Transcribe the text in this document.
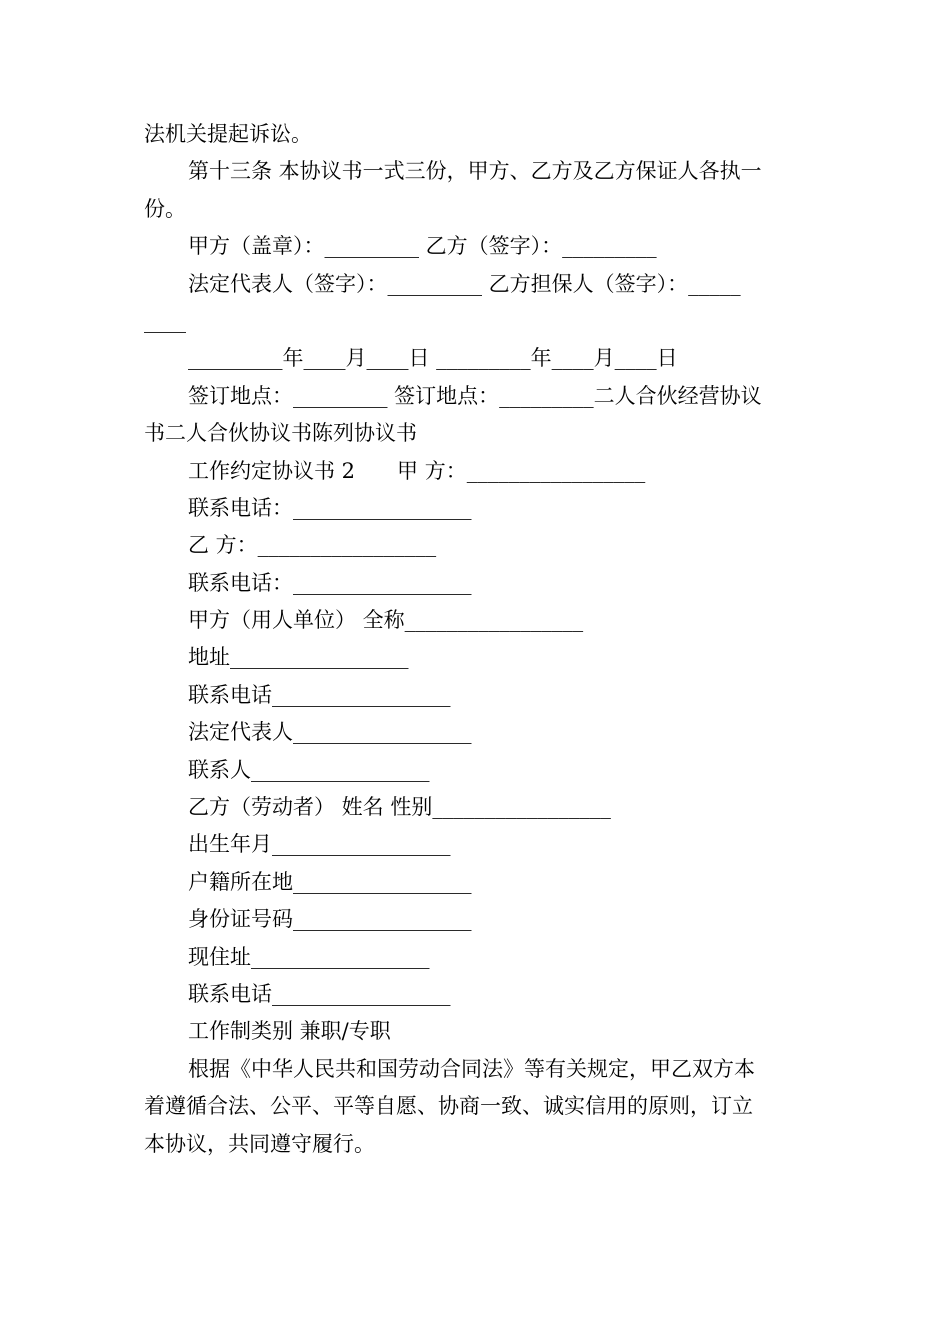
法机关提起诉讼。
第十三条 本协议书一式三份，甲方、乙方及乙方保证人各执一
份。
甲方（盖章）：_________ 乙方（签字）：_________
法定代表人（签字）：_________ 乙方担保人（签字）：_____
____
_________年____月____日 _________年____月____日
签订地点：_________ 签订地点：_________二人合伙经营协议
书二人合伙协议书陈列协议书
工作约定协议书 2　　甲 方：_________________
联系电话：_________________
乙 方：_________________
联系电话：_________________
甲方（用人单位） 全称_________________
地址_________________
联系电话_________________
法定代表人_________________
联系人_________________
乙方（劳动者） 姓名 性别_________________
出生年月_________________
户籍所在地_________________
身份证号码_________________
现住址_________________
联系电话_________________
工作制类别 兼职/专职
根据《中华人民共和国劳动合同法》等有关规定，甲乙双方本
着遵循合法、公平、平等自愿、协商一致、诚实信用的原则，订立
本协议，共同遵守履行。
